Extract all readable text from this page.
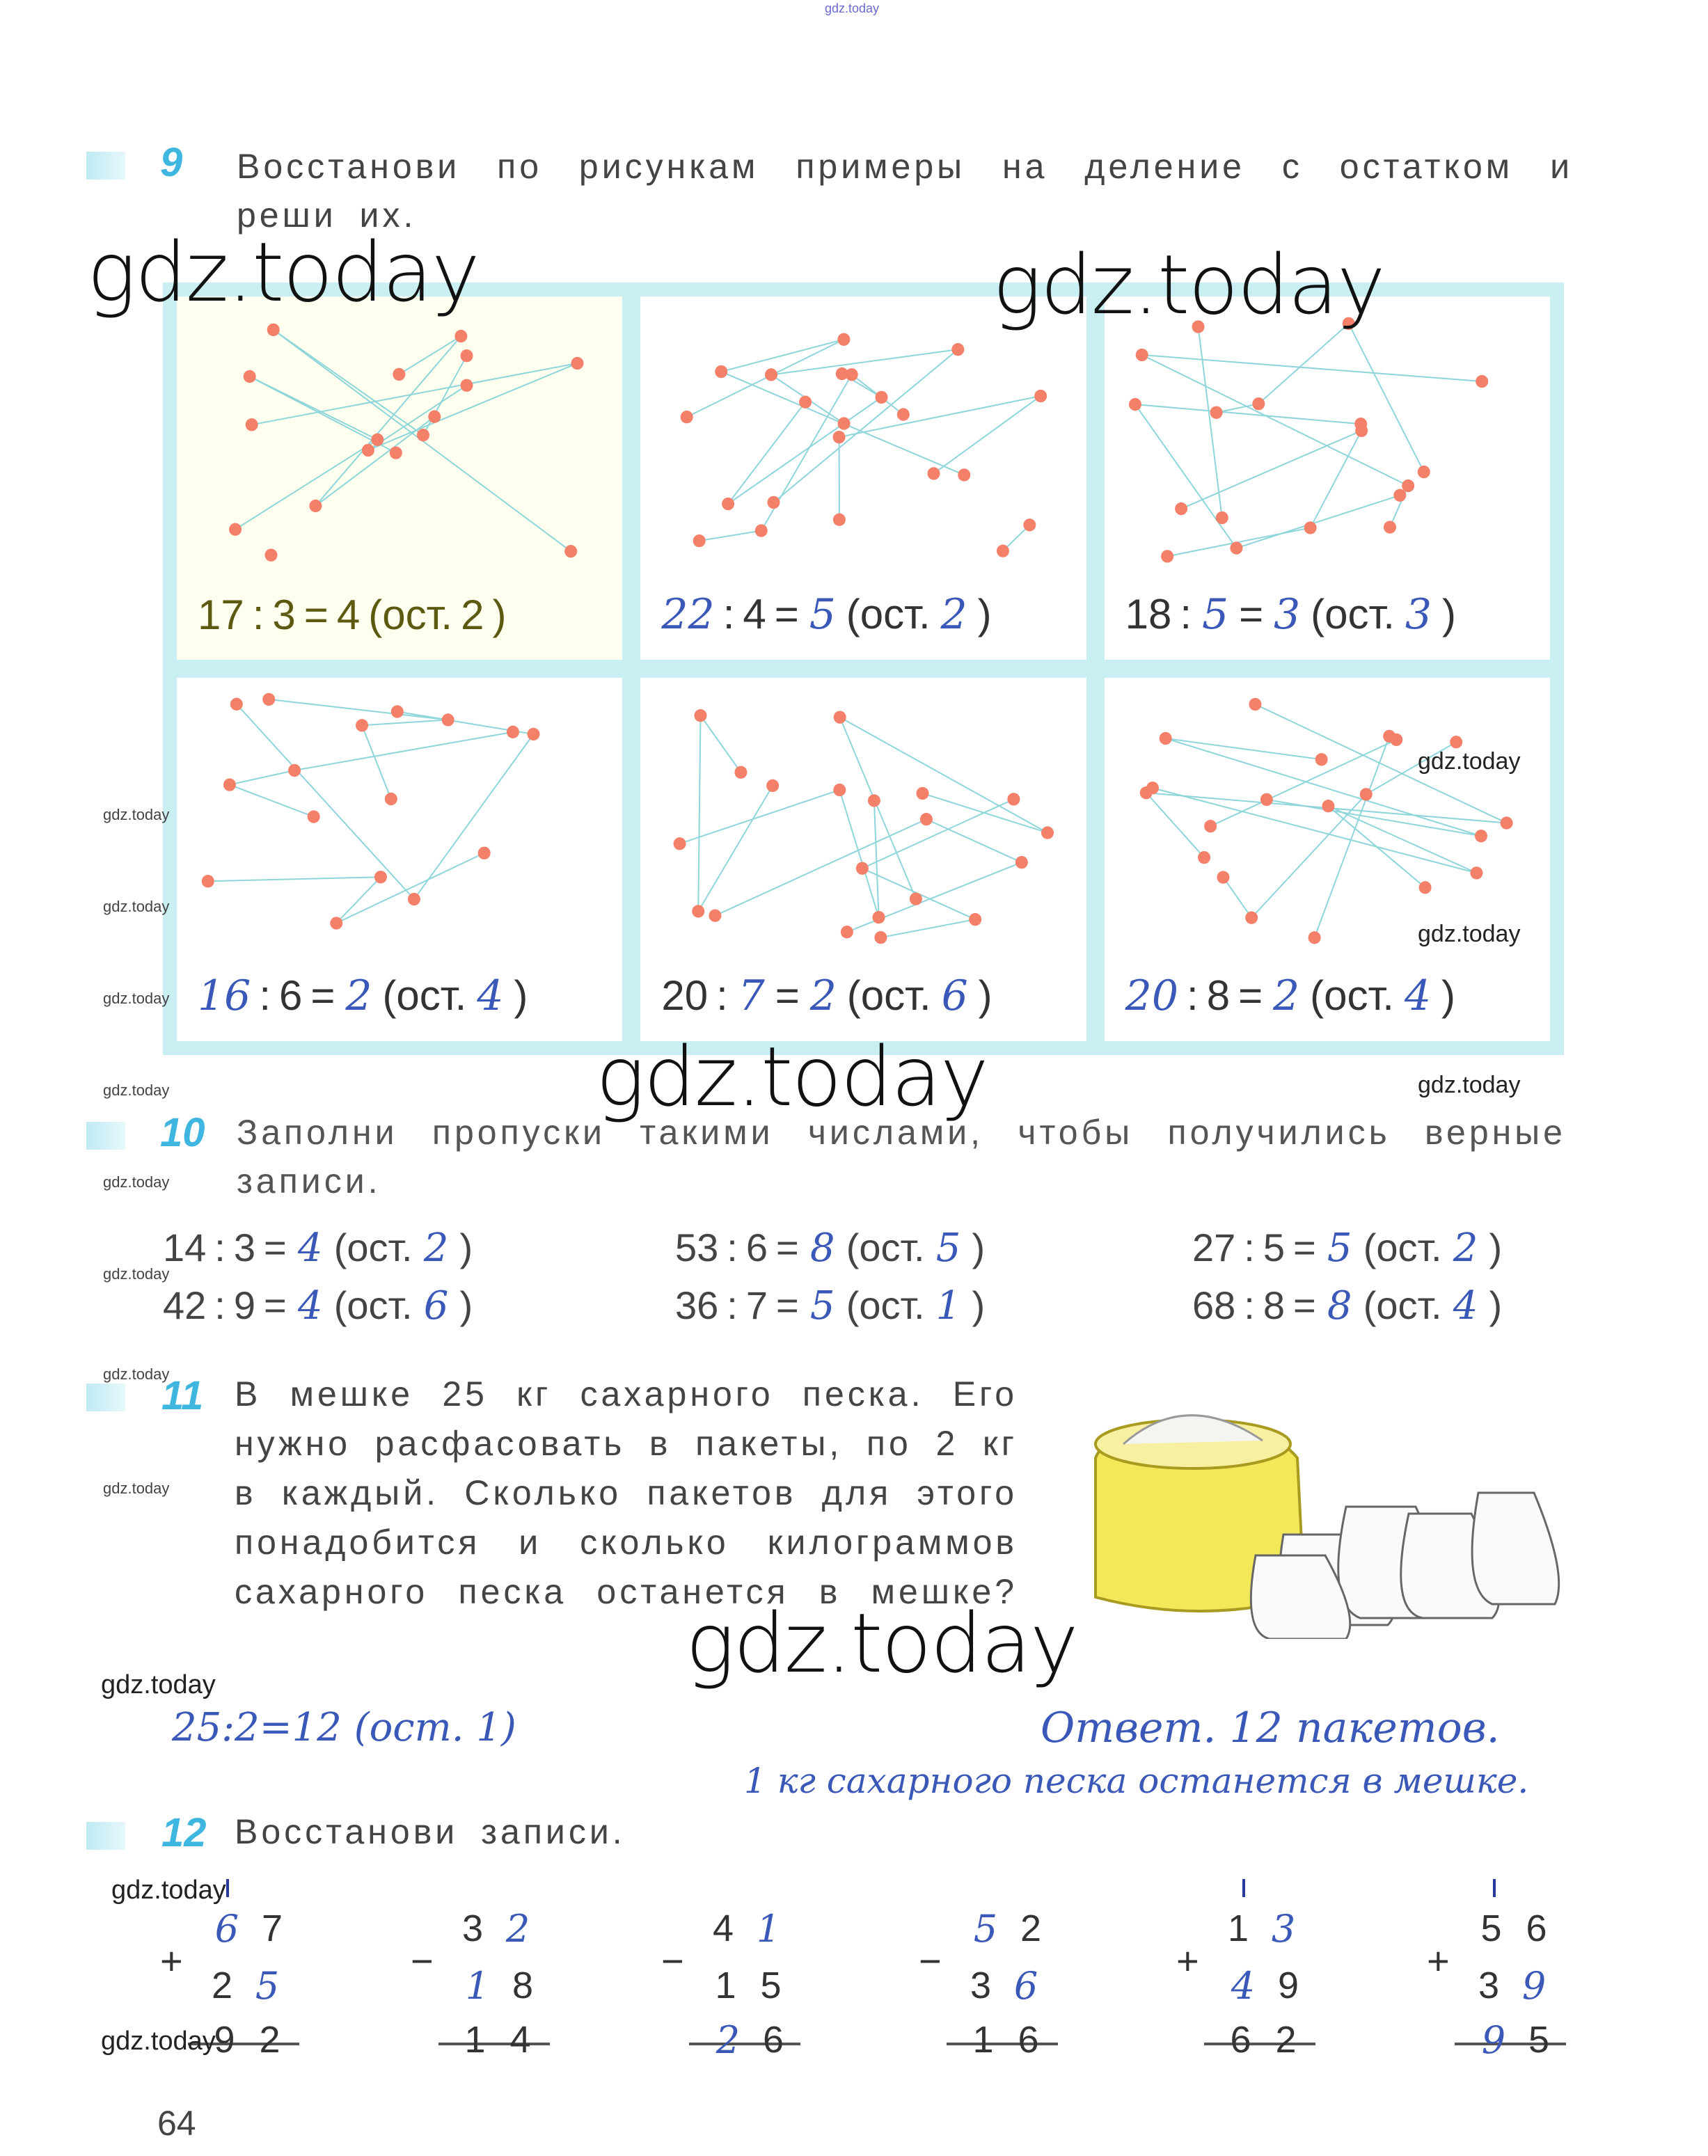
gdz.today
9 Восстанови по рисункам примеры на деление с остатком и
реши их.
17 : 3 = 4 (ост. 2 )	22 : 4 = 5 (ост. 2 )	18 : 5 = 3 (ост. 3 )
16 : 6 = 2 (ост. 4 )	20 : 7 = 2 (ост. 6 )	20 : 8 = 2 (ост. 4 )
10 Заполни пропуски такими числами, чтобы получились верные
записи.
14 : 3 = 4 (ост. 2 )
42 : 9 = 4 (ост. 6 )
53 : 6 = 8 (ост. 5 )
36 : 7 = 5 (ост. 1 )
27 : 5 = 5 (ост. 2 )
68 : 8 = 8 (ост. 4 )
11 В мешке 25 кг сахарного песка. Его
нужно расфасовать в пакеты, по 2 кг
в каждый. Сколько пакетов для этого
понадобится и сколько килограммов
сахарного песка останется в мешке?
25:2=12 (ост. 1)	Ответ. 12 пакетов.
1 кг сахарного песка останется в мешке.
12 Восстанови записи.
+
6 7
2 5
9 2
−
3 2
1 8
1 4
−
4 1
1 5
2 6
−
5 2
3 6
1 6
+
1 3
4 9
6 2
+
5 6
3 9
9 5
64
gdz.today	gdz.today
gdz.today
gdz.today
gdz.today
gdz.today
gdz.today
gdz.today
gdz.today
gdz.today
gdz.today
gdz.today
gdz.today
gdz.today
gdz.today
gdz.today
gdz.today
gdz.today
